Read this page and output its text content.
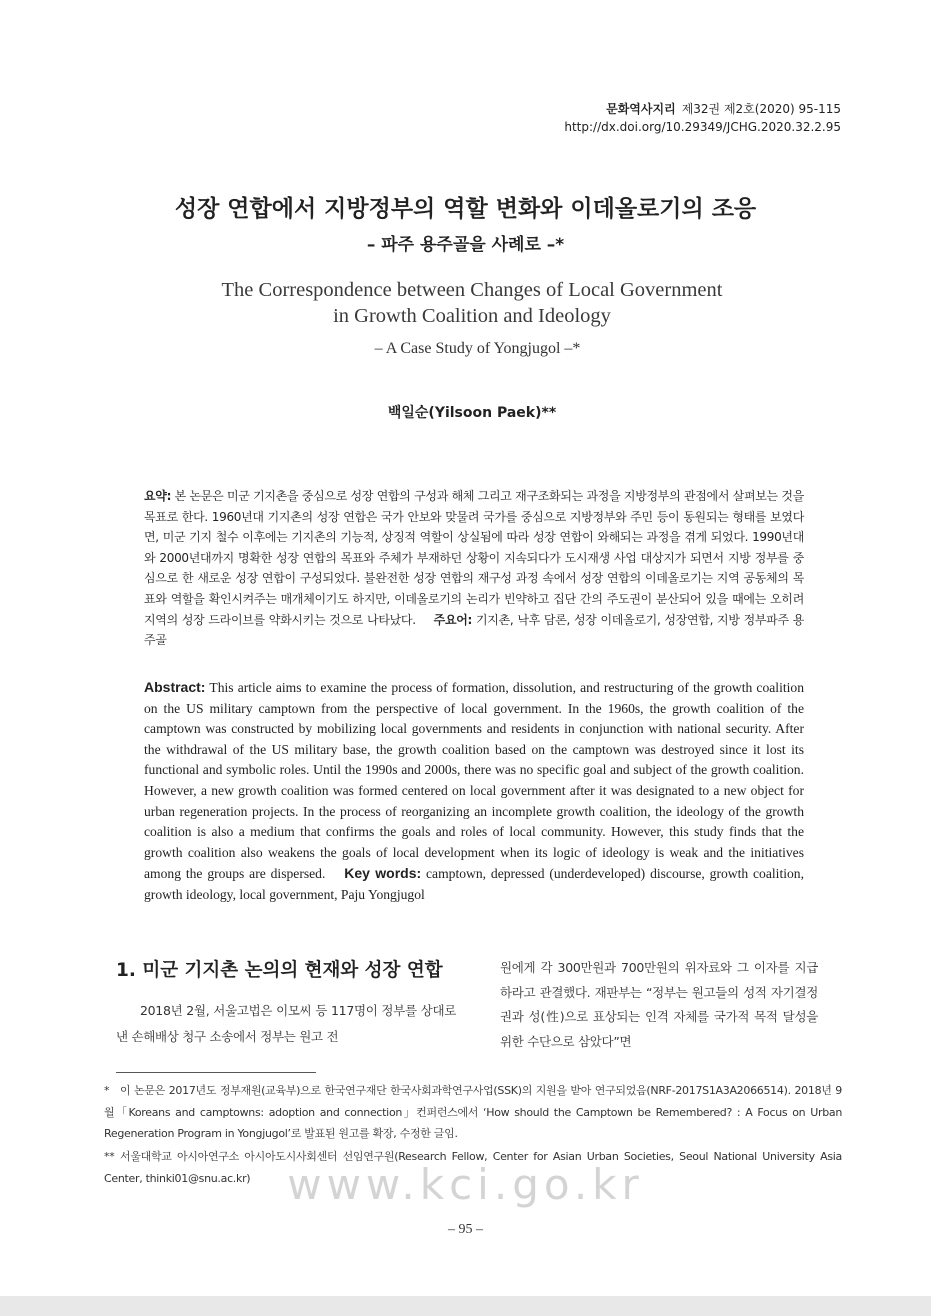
문화역사지리 제32권 제2호(2020) 95-115
http://dx.doi.org/10.29349/JCHG.2020.32.2.95
성장 연합에서 지방정부의 역할 변화와 이데올로기의 조응
– 파주 용주골을 사례로 –*
The Correspondence between Changes of Local Government
in Growth Coalition and Ideology
– A Case Study of Yongjugol –*
백일순(Yilsoon Paek)**
요약: 본 논문은 미군 기지촌을 중심으로 성장 연합의 구성과 해체 그리고 재구조화되는 과정을 지방정부의 관점에서 살펴보는 것을 목표로 한다. 1960년대 기지촌의 성장 연합은 국가 안보와 맞물려 국가를 중심으로 지방정부와 주민 등이 동원되는 형태를 보였다면, 미군 기지 철수 이후에는 기지촌의 기능적, 상징적 역할이 상실됨에 따라 성장 연합이 와해되는 과정을 겪게 되었다. 1990년대와 2000년대까지 명확한 성장 연합의 목표와 주체가 부재하던 상황이 지속되다가 도시재생 사업 대상지가 되면서 지방 정부를 중심으로 한 새로운 성장 연합이 구성되었다. 불완전한 성장 연합의 재구성 과정 속에서 성장 연합의 이데올로기는 지역 공동체의 목표와 역할을 확인시켜주는 매개체이기도 하지만, 이데올로기의 논리가 빈약하고 집단 간의 주도권이 분산되어 있을 때에는 오히려 지역의 성장 드라이브를 약화시키는 것으로 나타났다. 주요어: 기지촌, 낙후 담론, 성장 이데올로기, 성장연합, 지방 정부파주 용주골
Abstract: This article aims to examine the process of formation, dissolution, and restructuring of the growth coalition on the US military camptown from the perspective of local government. In the 1960s, the growth coalition of the camptown was constructed by mobilizing local governments and residents in conjunction with national security. After the withdrawal of the US military base, the growth coalition based on the camptown was destroyed since it lost its functional and symbolic roles. Until the 1990s and 2000s, there was no specific goal and subject of the growth coalition. However, a new growth coalition was formed centered on local government after it was designated to a new object for urban regeneration projects. In the process of reorganizing an incomplete growth coalition, the ideology of the growth coalition is also a medium that confirms the goals and roles of local community. However, this study finds that the growth coalition also weakens the goals of local development when its logic of ideology is weak and the initiatives among the groups are dispersed. Key words: camptown, depressed (underdeveloped) discourse, growth coalition, growth ideology, local government, Paju Yongjugol
1. 미군 기지촌 논의의 현재와 성장 연합
2018년 2월, 서울고법은 이모씨 등 117명이 정부를 상대로 낸 손해배상 청구 소송에서 정부는 원고 전
원에게 각 300만원과 700만원의 위자료와 그 이자를 지급하라고 관결했다. 재판부는 “정부는 원고들의 성적 자기결정권과 성(性)으로 표상되는 인격 자체를 국가적 목적 달성을 위한 수단으로 삼았다”면
* 이 논문은 2017년도 정부재원(교육부)으로 한국연구재단 한국사회과학연구사업(SSK)의 지원을 받아 연구되었음(NRF-2017S1A3A2066514). 2018년 9월「Koreans and camptowns: adoption and connection」컨퍼런스에서 ‘How should the Camptown be Remembered? : A Focus on Urban Regeneration Program in Yongjugol’로 발표된 원고를 확장, 수정한 글임.
** 서울대학교 아시아연구소 아시아도시사회센터 선임연구원(Research Fellow, Center for Asian Urban Societies, Seoul National University Asia Center, thinki01@snu.ac.kr) www.kci.go.kr
– 95 –
